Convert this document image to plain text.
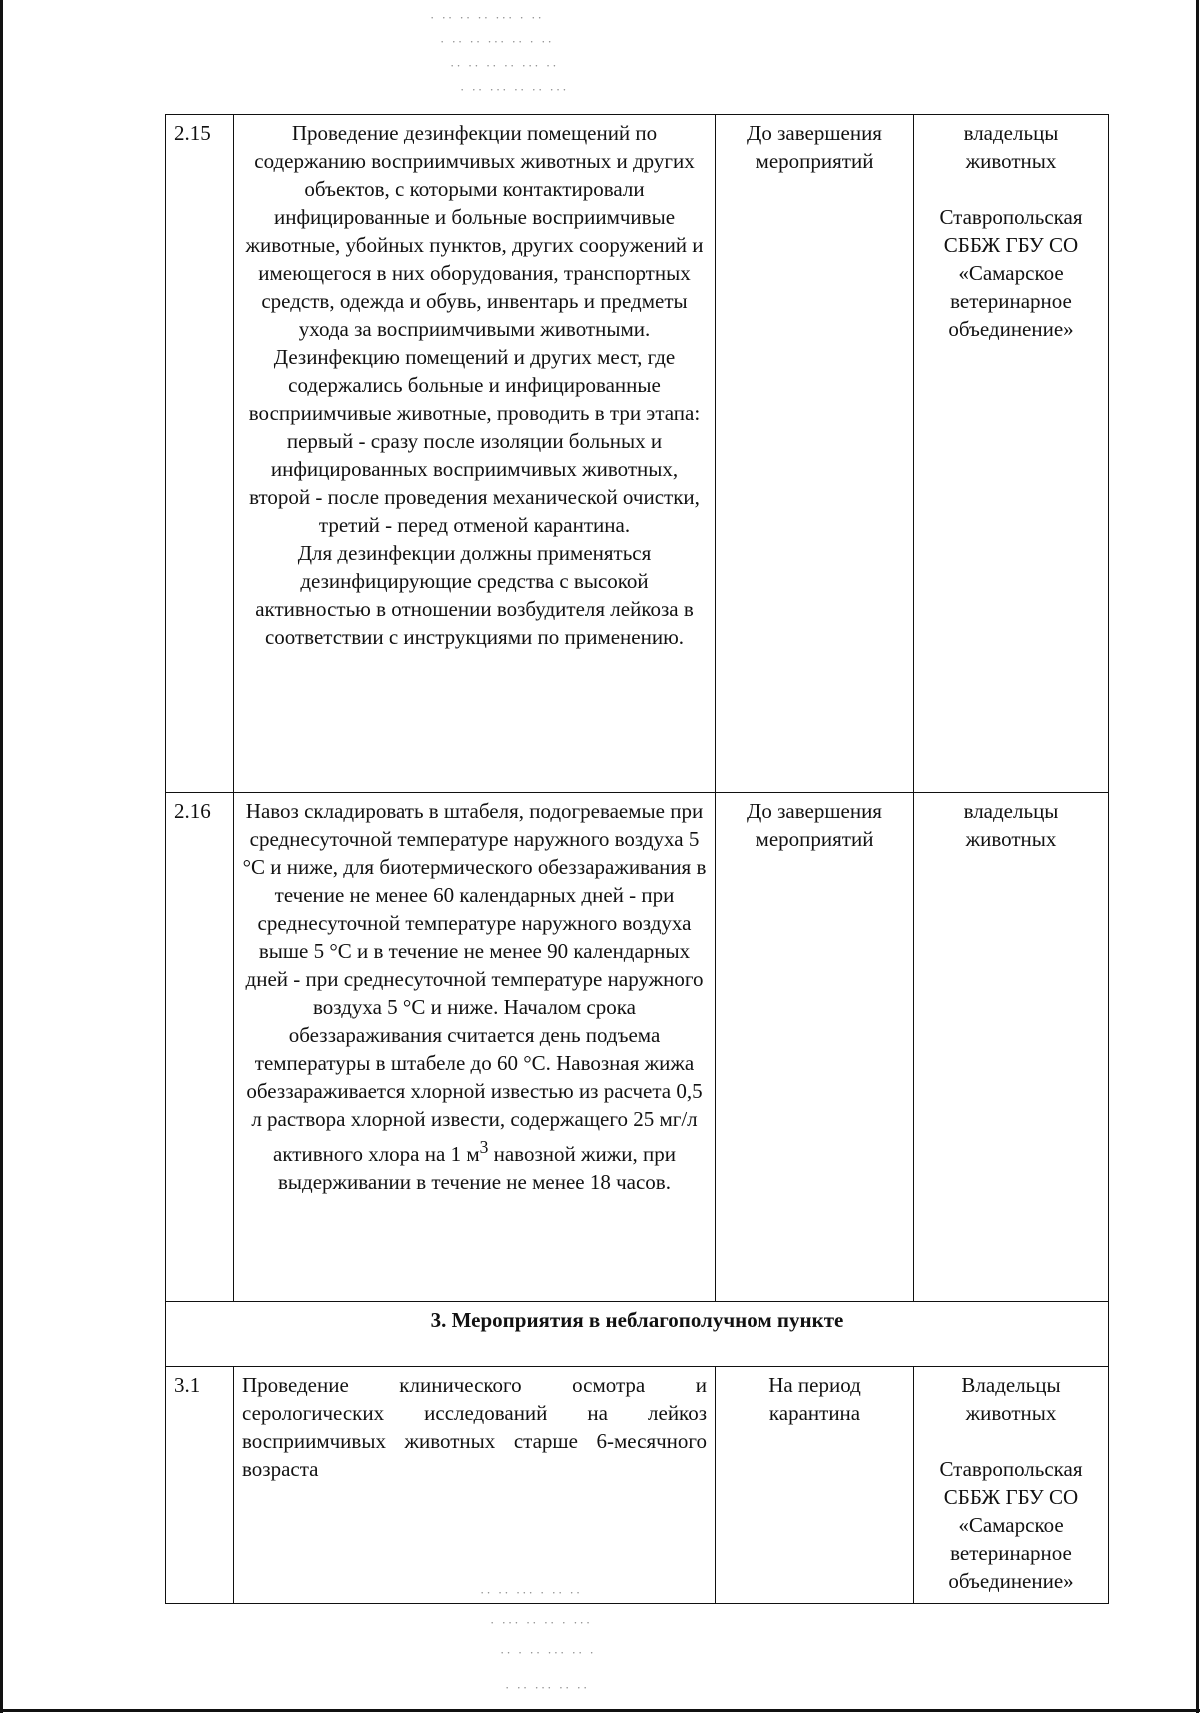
· ·· ·· ·· ··· · ··
· ·· ·· ··· ·· · ··
·· ·· ·· ·· ··· ··
· ·· ··· ·· ·· ···
·· ·· ··· · ·· ··
· ··· ·· ·· · ···
·· · ·· ··· ·· ·
· ·· ··· ·· ··
2.15	Проведение дезинфекции помещений по содержанию восприимчивых животных и других объектов, с которыми контактировали инфицированные и больные восприимчивые животные, убойных пунктов, других сооружений и имеющегося в них оборудования, транспортных средств, одежда и обувь, инвентарь и предметы ухода за восприимчивыми животными.
Дезинфекцию помещений и других мест, где содержались больные и инфицированные восприимчивые животные, проводить в три этапа: первый - сразу после изоляции больных и инфицированных восприимчивых животных, второй - после проведения механической очистки, третий - перед отменой карантина.
Для дезинфекции должны применяться дезинфицирующие средства с высокой активностью в отношении возбудителя лейкоза в соответствии с инструкциями по применению.	До завершения мероприятий	владельцы животных
Ставропольская СББЖ ГБУ СО «Самарское ветеринарное объединение»

2.16	Навоз складировать в штабеля, подогреваемые при среднесуточной температуре наружного воздуха 5 °С и ниже, для биотермического обеззараживания в течение не менее 60 календарных дней - при среднесуточной температуре наружного воздуха выше 5 °С и в течение не менее 90 календарных дней - при среднесуточной температуре наружного воздуха 5 °С и ниже. Началом срока обеззараживания считается день подъема температуры в штабеле до 60 °С. Навозная жижа обеззараживается хлорной известью из расчета 0,5 л раствора хлорной извести, содержащего 25 мг/л активного хлора на 1 $м^3$ навозной жижи, при выдерживании в течение не менее 18 часов.	До завершения мероприятий	владельцы животных

3. Мероприятия в неблагополучном пункте			
3.1	Проведение клинического осмотра и серологических исследований на лейкоз восприимчивых животных старше 6-месячного возраста	На период карантина	Владельцы животных
Ставропольская СББЖ ГБУ СО «Самарское ветеринарное объединение»
